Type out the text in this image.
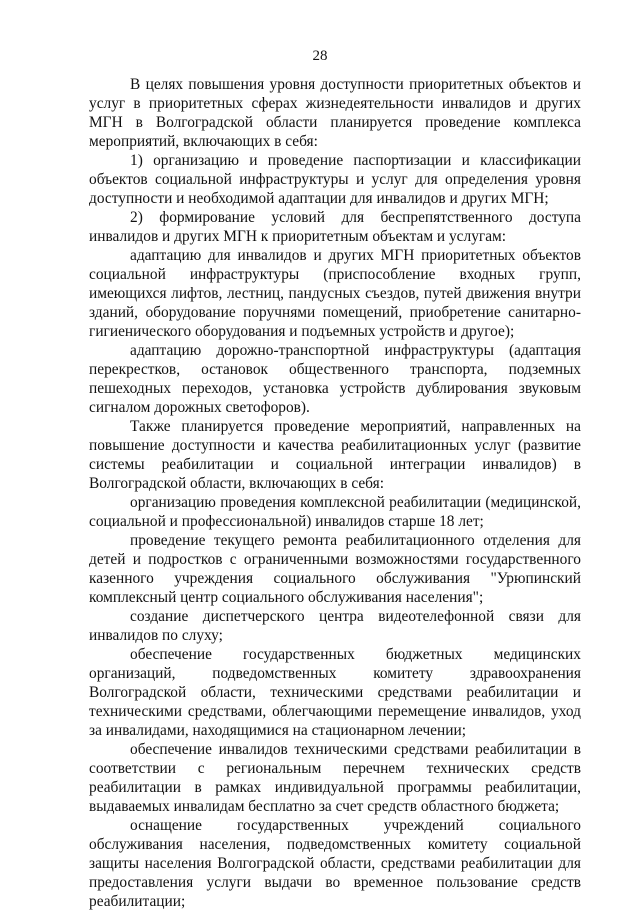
28

В целях повышения уровня доступности приоритетных объектов и услуг в приоритетных сферах жизнедеятельности инвалидов и других МГН в Волгоградской области планируется проведение комплекса мероприятий, включающих в себя:

1) организацию и проведение паспортизации и классификации объектов социальной инфраструктуры и услуг для определения уровня доступности и необходимой адаптации для инвалидов и других МГН;

2) формирование условий для беспрепятственного доступа инвалидов и других МГН к приоритетным объектам и услугам:

адаптацию для инвалидов и других МГН приоритетных объектов социальной инфраструктуры (приспособление входных групп, имеющихся лифтов, лестниц, пандусных съездов, путей движения внутри зданий, оборудование поручнями помещений, приобретение санитарно-гигиенического оборудования и подъемных устройств и другое);

адаптацию дорожно-транспортной инфраструктуры (адаптация перекрестков, остановок общественного транспорта, подземных пешеходных переходов, установка устройств дублирования звуковым сигналом дорожных светофоров).

Также планируется проведение мероприятий, направленных на повышение доступности и качества реабилитационных услуг (развитие системы реабилитации и социальной интеграции инвалидов) в Волгоградской области, включающих в себя:

организацию проведения комплексной реабилитации (медицинской, социальной и профессиональной) инвалидов старше 18 лет;

проведение текущего ремонта реабилитационного отделения для детей и подростков с ограниченными возможностями государственного казенного учреждения социального обслуживания "Урюпинский комплексный центр социального обслуживания населения";

создание диспетчерского центра видеотелефонной связи для инвалидов по слуху;

обеспечение государственных бюджетных медицинских организаций, подведомственных комитету здравоохранения Волгоградской области, техническими средствами реабилитации и техническими средствами, облегчающими перемещение инвалидов, уход за инвалидами, находящимися на стационарном лечении;

обеспечение инвалидов техническими средствами реабилитации в соответствии с региональным перечнем технических средств реабилитации в рамках индивидуальной программы реабилитации, выдаваемых инвалидам бесплатно за счет средств областного бюджета;

оснащение государственных учреждений социального обслуживания населения, подведомственных комитету социальной защиты населения Волгоградской области, средствами реабилитации для предоставления услуги выдачи во временное пользование средств реабилитации;
